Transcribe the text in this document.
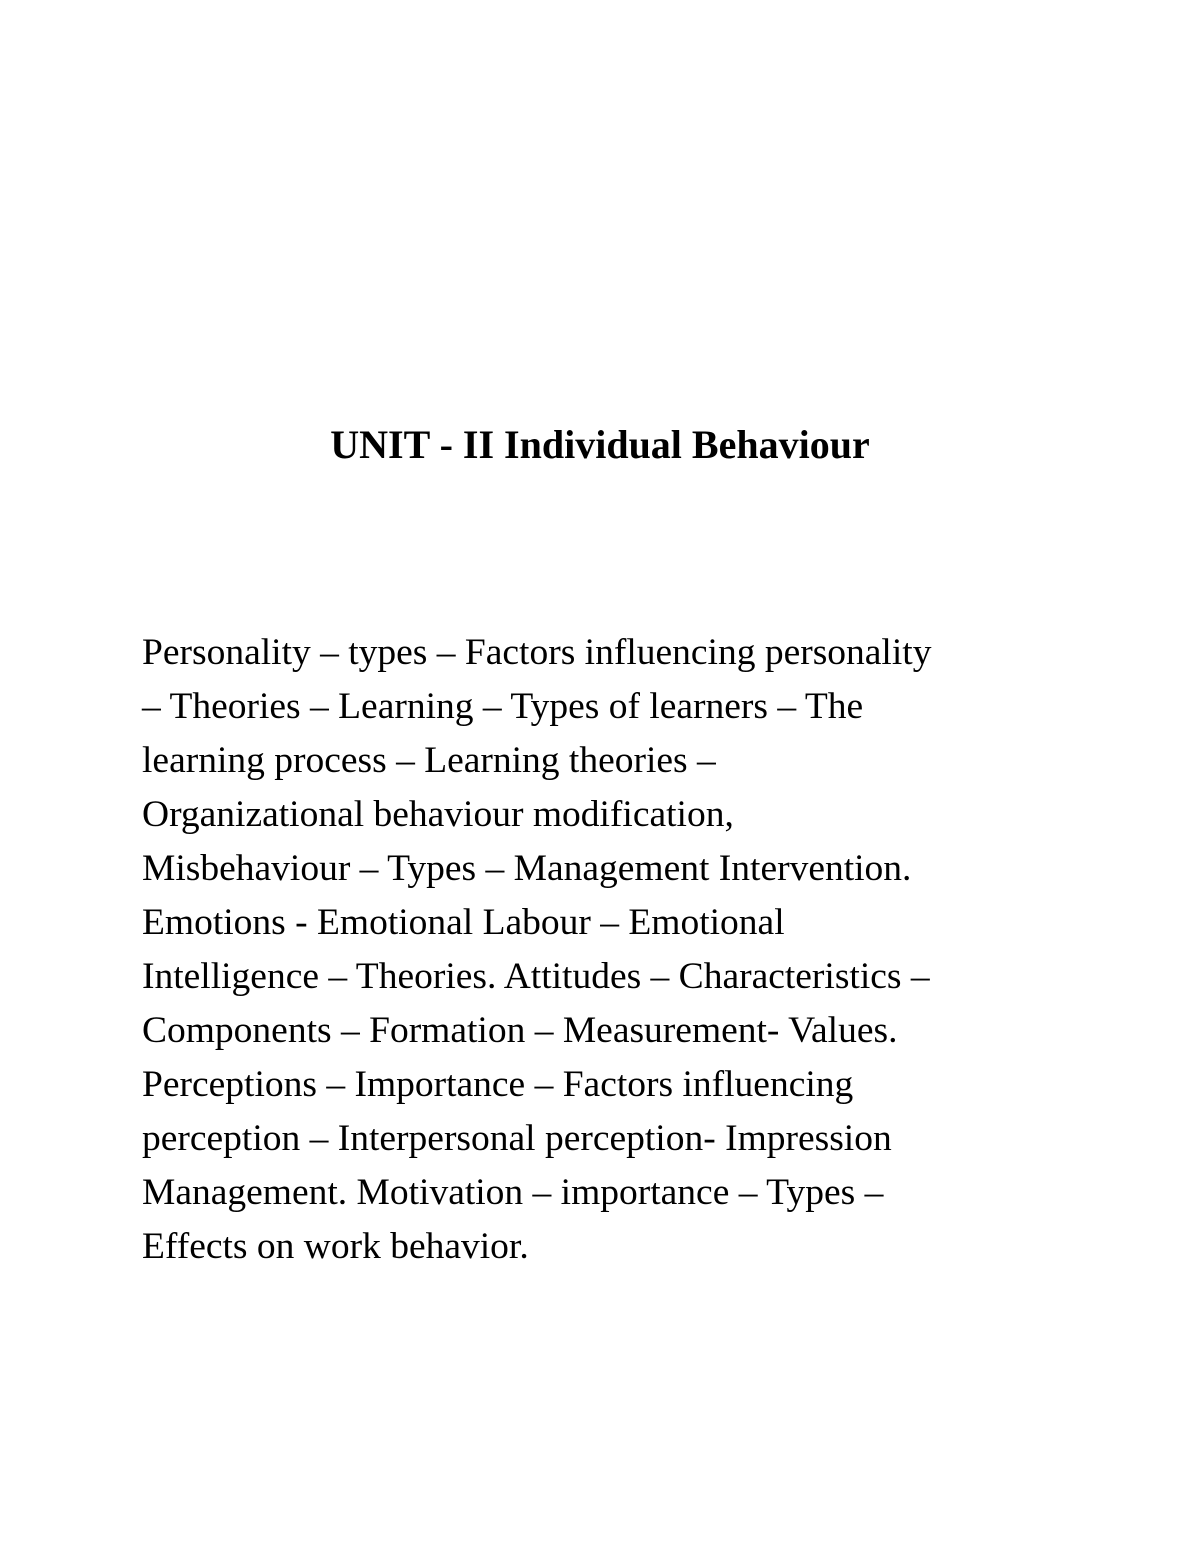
UNIT - II Individual Behaviour
Personality – types – Factors influencing personality
– Theories – Learning – Types of learners – The
learning process – Learning theories –
Organizational behaviour modification,
Misbehaviour – Types – Management Intervention.
Emotions - Emotional Labour – Emotional
Intelligence – Theories. Attitudes – Characteristics –
Components – Formation – Measurement- Values.
Perceptions – Importance – Factors influencing
perception – Interpersonal perception- Impression
Management. Motivation – importance – Types –
Effects on work behavior.
